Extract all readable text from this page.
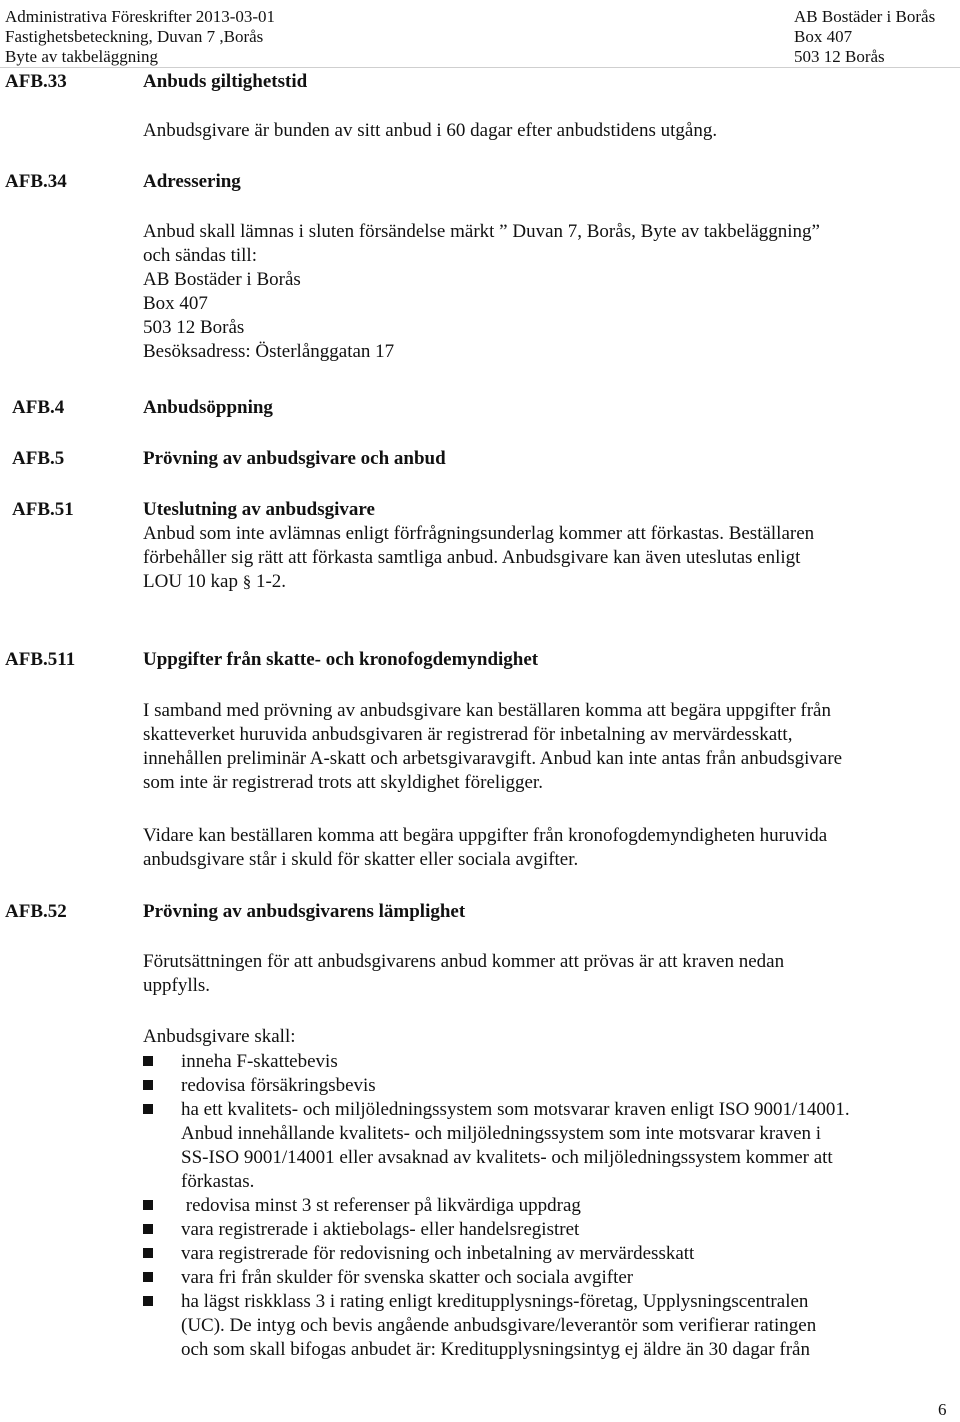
Administrativa Föreskrifter 2013-03-01
Fastighetsbeteckning, Duvan 7 ,Borås
Byte av takbeläggning
AB Bostäder i Borås
Box 407
503 12 Borås
AFB.33	Anbuds giltighetstid
Anbudsgivare är bunden av sitt anbud i 60 dagar efter anbudstidens utgång.
AFB.34	Adressering
Anbud skall lämnas i sluten försändelse märkt ” Duvan 7, Borås, Byte av takbeläggning”
och sändas till:
AB Bostäder i Borås
Box 407
503 12 Borås
Besöksadress: Österlånggatan 17
AFB.4	Anbudsöppning
AFB.5	Prövning av anbudsgivare och anbud
AFB.51	Uteslutning av anbudsgivare
Anbud som inte avlämnas enligt förfrågningsunderlag kommer att förkastas. Beställaren
förbehåller sig rätt att förkasta samtliga anbud. Anbudsgivare kan även uteslutas enligt
LOU 10 kap § 1-2.
AFB.511	Uppgifter från skatte- och kronofogdemyndighet
I samband med prövning av anbudsgivare kan beställaren komma att begära uppgifter från
skatteverket huruvida anbudsgivaren är registrerad för inbetalning av mervärdesskatt,
innehållen preliminär A-skatt och arbetsgivaravgift. Anbud kan inte antas från anbudsgivare
som inte är registrerad trots att skyldighet föreligger.
Vidare kan beställaren komma att begära uppgifter från kronofogdemyndigheten huruvida
anbudsgivare står i skuld för skatter eller sociala avgifter.
AFB.52	Prövning av anbudsgivarens lämplighet
Förutsättningen för att anbudsgivarens anbud kommer att prövas är att kraven nedan
uppfylls.
Anbudsgivare skall:
inneha F-skattebevis
redovisa försäkringsbevis
ha ett kvalitets- och miljöledningssystem som motsvarar kraven enligt ISO 9001/14001.
Anbud innehållande kvalitets- och miljöledningssystem som inte motsvarar kraven i
SS-ISO 9001/14001 eller avsaknad av kvalitets- och miljöledningssystem kommer att
förkastas.
redovisa minst 3 st referenser på likvärdiga uppdrag
vara registrerade i aktiebolags- eller handelsregistret
vara registrerade för redovisning och inbetalning av mervärdesskatt
vara fri från skulder för svenska skatter och sociala avgifter
ha lägst riskklass 3 i rating enligt kreditupplysnings-företag, Upplysningscentralen
(UC). De intyg och bevis angående anbudsgivare/leverantör som verifierar ratingen
och som skall bifogas anbudet är: Kreditupplysningsintyg ej äldre än 30 dagar från
6
